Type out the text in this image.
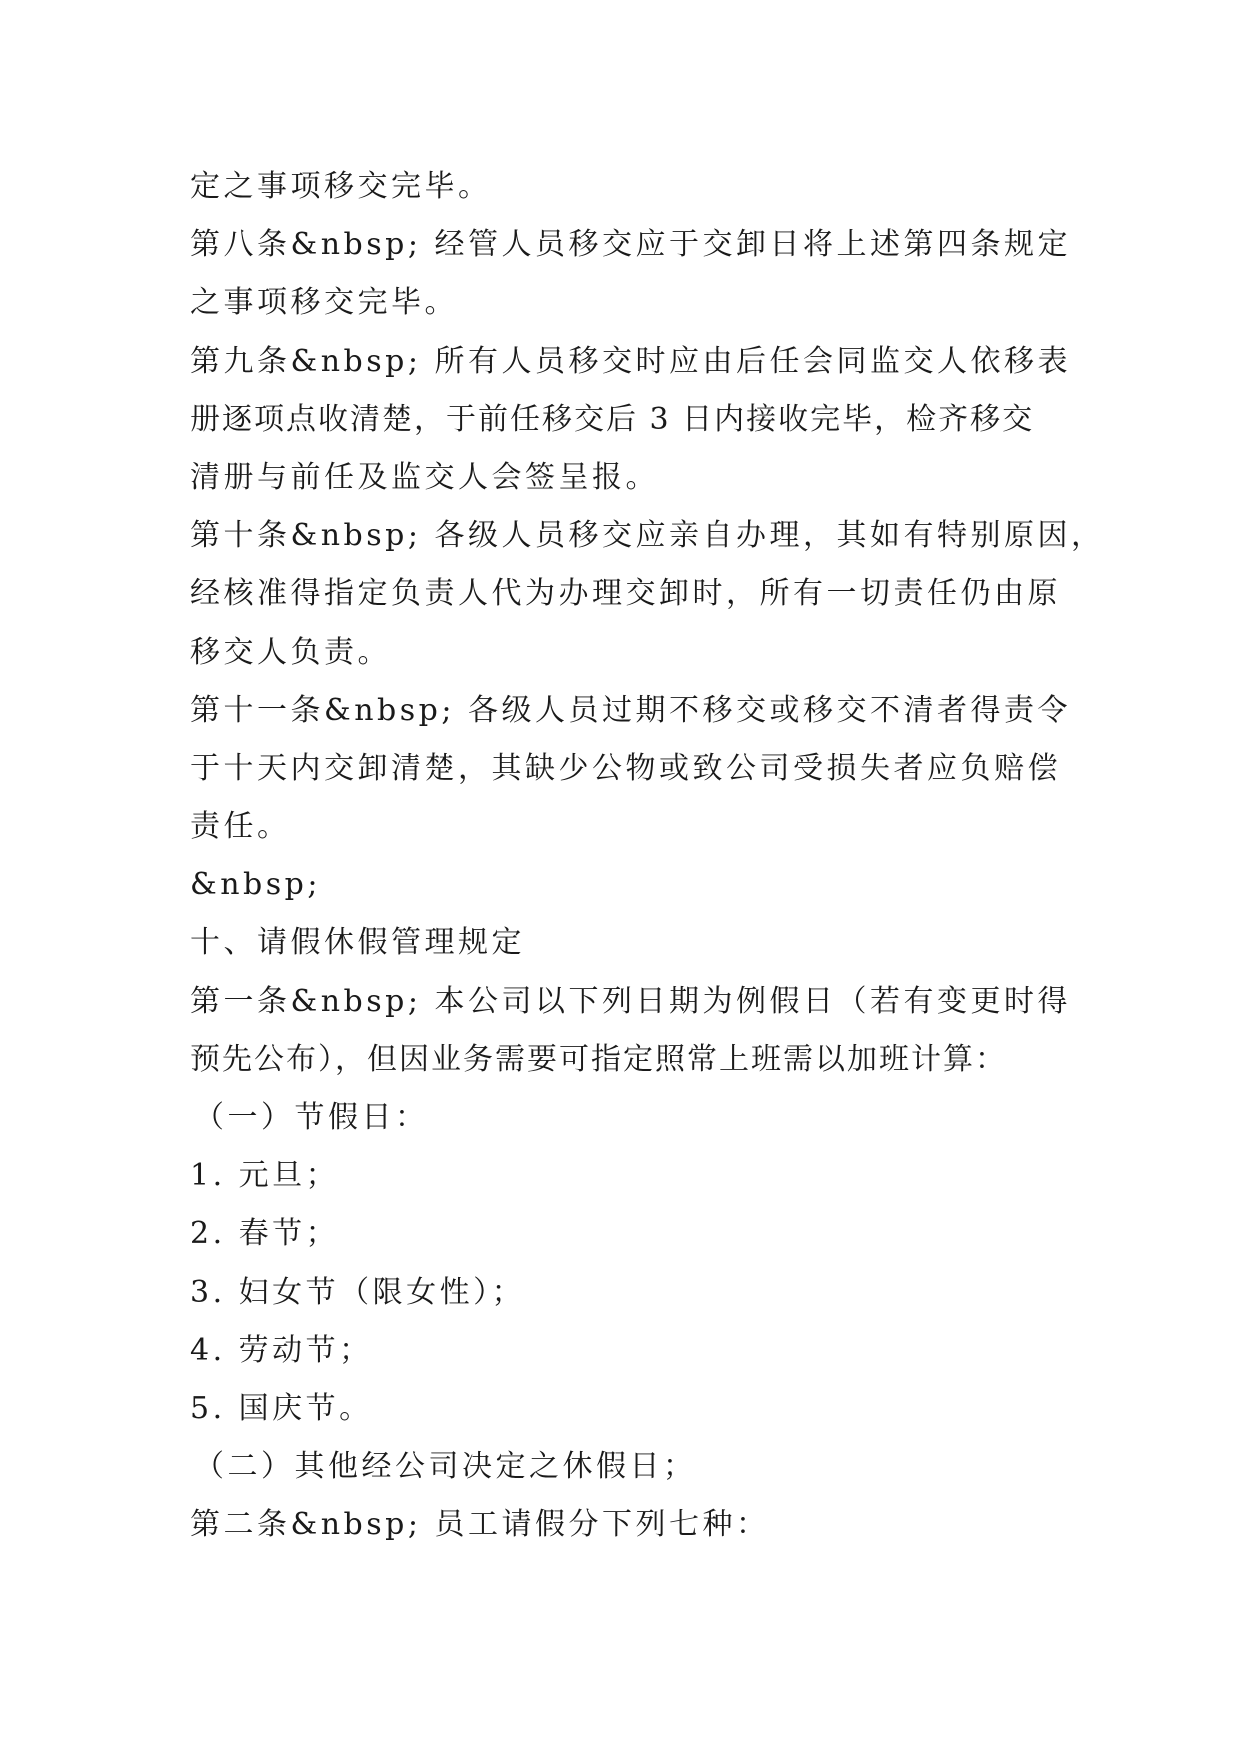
定之事项移交完毕。
第八条&nbsp; 经管人员移交应于交卸日将上述第四条规定
之事项移交完毕。
第九条&nbsp; 所有人员移交时应由后任会同监交人依移表
册逐项点收清楚，于前任移交后 3 日内接收完毕，检齐移交
清册与前任及监交人会签呈报。
第十条&nbsp; 各级人员移交应亲自办理，其如有特别原因，
经核准得指定负责人代为办理交卸时，所有一切责任仍由原
移交人负责。
第十一条&nbsp; 各级人员过期不移交或移交不清者得责令
于十天内交卸清楚，其缺少公物或致公司受损失者应负赔偿
责任。
&nbsp;
十、请假休假管理规定
第一条&nbsp; 本公司以下列日期为例假日（若有变更时得
预先公布），但因业务需要可指定照常上班需以加班计算：
（一）节假日：
1. 元旦；
2. 春节；
3. 妇女节（限女性）；
4. 劳动节；
5. 国庆节。
（二）其他经公司决定之休假日；
第二条&nbsp; 员工请假分下列七种：
